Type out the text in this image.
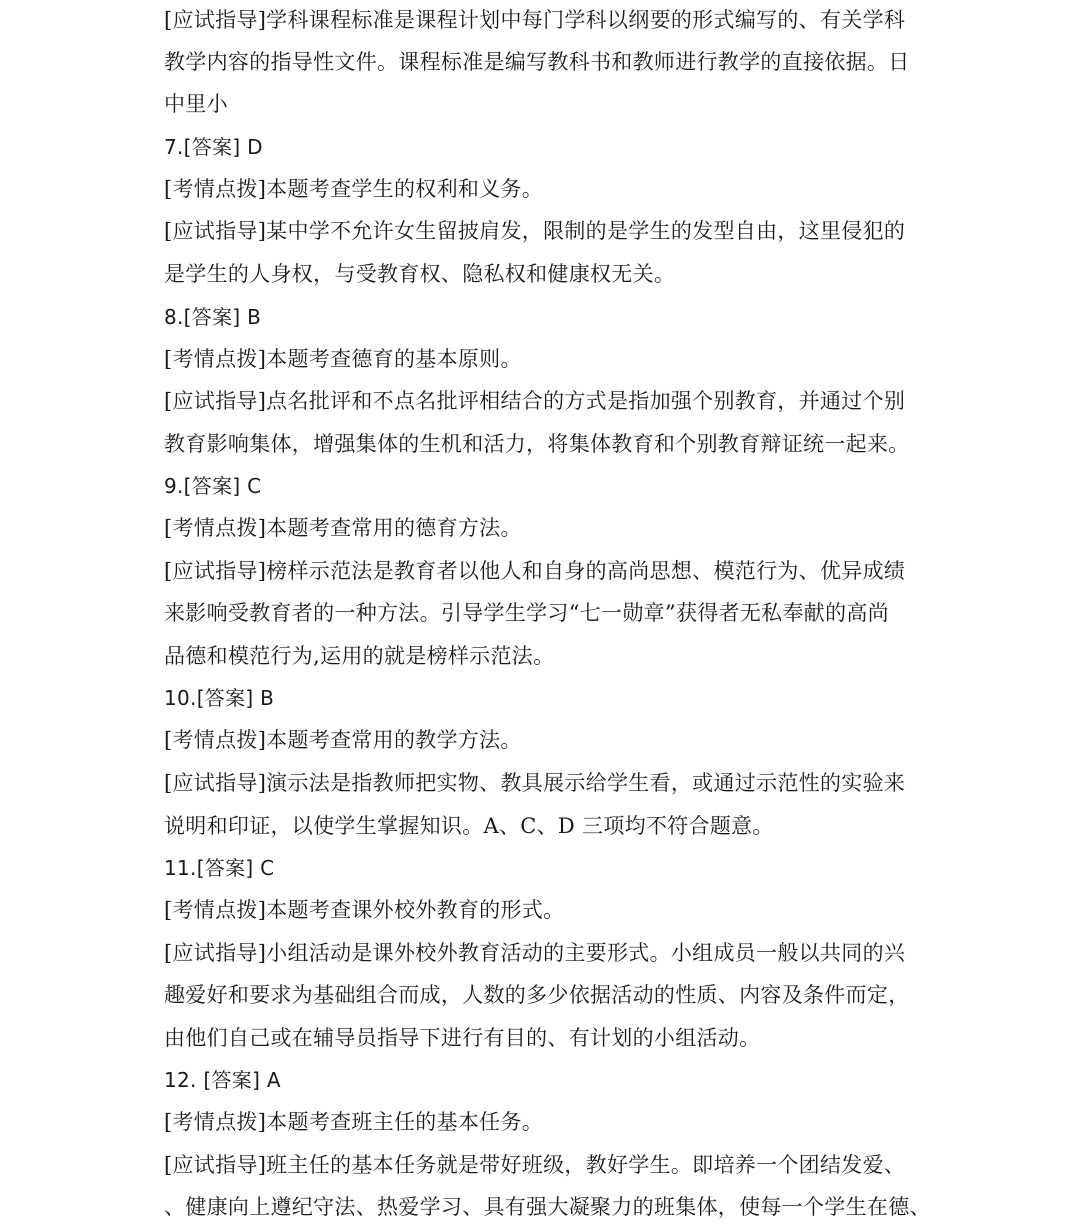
[应试指导]学科课程标准是课程计划中每门学科以纲要的形式编写的、有关学科
教学内容的指导性文件。课程标准是编写教科书和教师进行教学的直接依据。日
中里小
7.[答案] D
[考情点拨]本题考查学生的权利和义务。
[应试指导]某中学不允许女生留披肩发，限制的是学生的发型自由，这里侵犯的
是学生的人身权，与受教育权、隐私权和健康权无关。
8.[答案] B
[考情点拨]本题考查德育的基本原则。
[应试指导]点名批评和不点名批评相结合的方式是指加强个别教育，并通过个别
教育影响集体，增强集体的生机和活力，将集体教育和个别教育辩证统一起来。
9.[答案] C
[考情点拨]本题考查常用的德育方法。
[应试指导]榜样示范法是教育者以他人和自身的高尚思想、模范行为、优异成绩
来影响受教育者的一种方法。引导学生学习“七一勋章”获得者无私奉献的高尚
品德和模范行为,运用的就是榜样示范法。
10.[答案] B
[考情点拨]本题考查常用的教学方法。
[应试指导]演示法是指教师把实物、教具展示给学生看，或通过示范性的实验来
说明和印证，以使学生掌握知识。A、C、D 三项均不符合题意。
11.[答案] C
[考情点拨]本题考查课外校外教育的形式。
[应试指导]小组活动是课外校外教育活动的主要形式。小组成员一般以共同的兴
趣爱好和要求为基础组合而成，人数的多少依据活动的性质、内容及条件而定，
由他们自己或在辅导员指导下进行有目的、有计划的小组活动。
12. [答案] A
[考情点拨]本题考查班主任的基本任务。
[应试指导]班主任的基本任务就是带好班级，教好学生。即培养一个团结发爱、
、健康向上遵纪守法、热爱学习、具有强大凝聚力的班集体，使每一个学生在德、
